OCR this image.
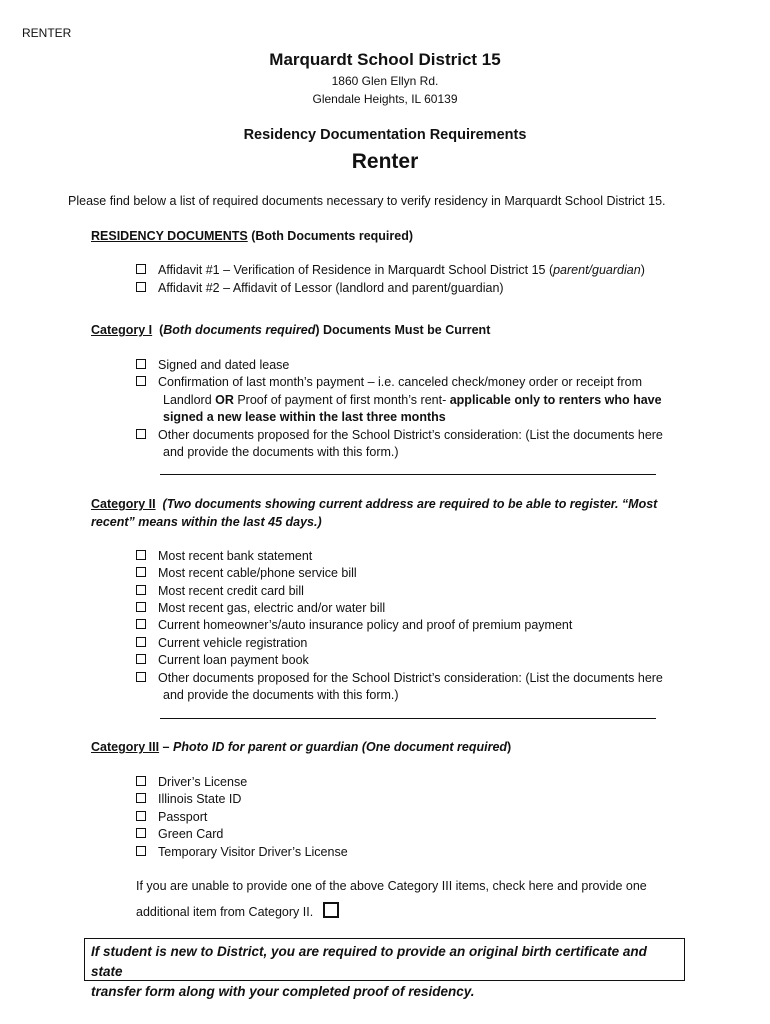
RENTER
Marquardt School District 15
1860 Glen Ellyn Rd.
Glendale Heights, IL 60139
Residency Documentation Requirements
Renter
Please find below a list of required documents necessary to verify residency in Marquardt School District 15.
RESIDENCY DOCUMENTS (Both Documents required)
Affidavit #1 – Verification of Residence in Marquardt School District 15 (parent/guardian)
Affidavit #2 – Affidavit of Lessor (landlord and parent/guardian)
Category I  (Both documents required) Documents Must be Current
Signed and dated lease
Confirmation of last month’s payment – i.e. canceled check/money order or receipt from
Landlord OR Proof of payment of first month’s rent- applicable only to renters who have
signed a new lease within the last three months
Other documents proposed for the School District’s consideration: (List the documents here
and provide the documents with this form.)
Category II  (Two documents showing current address are required to be able to register. “Most
recent” means within the last 45 days.)
Most recent bank statement
Most recent cable/phone service bill
Most recent credit card bill
Most recent gas, electric and/or water bill
Current homeowner’s/auto insurance policy and proof of premium payment
Current vehicle registration
Current loan payment book
Other documents proposed for the School District’s consideration: (List the documents here
and provide the documents with this form.)
Category III – Photo ID for parent or guardian (One document required)
Driver’s License
Illinois State ID
Passport
Green Card
Temporary Visitor Driver’s License
If you are unable to provide one of the above Category III items, check here and provide one
additional item from Category II.
If student is new to District, you are required to provide an original birth certificate and state
transfer form along with your completed proof of residency.
